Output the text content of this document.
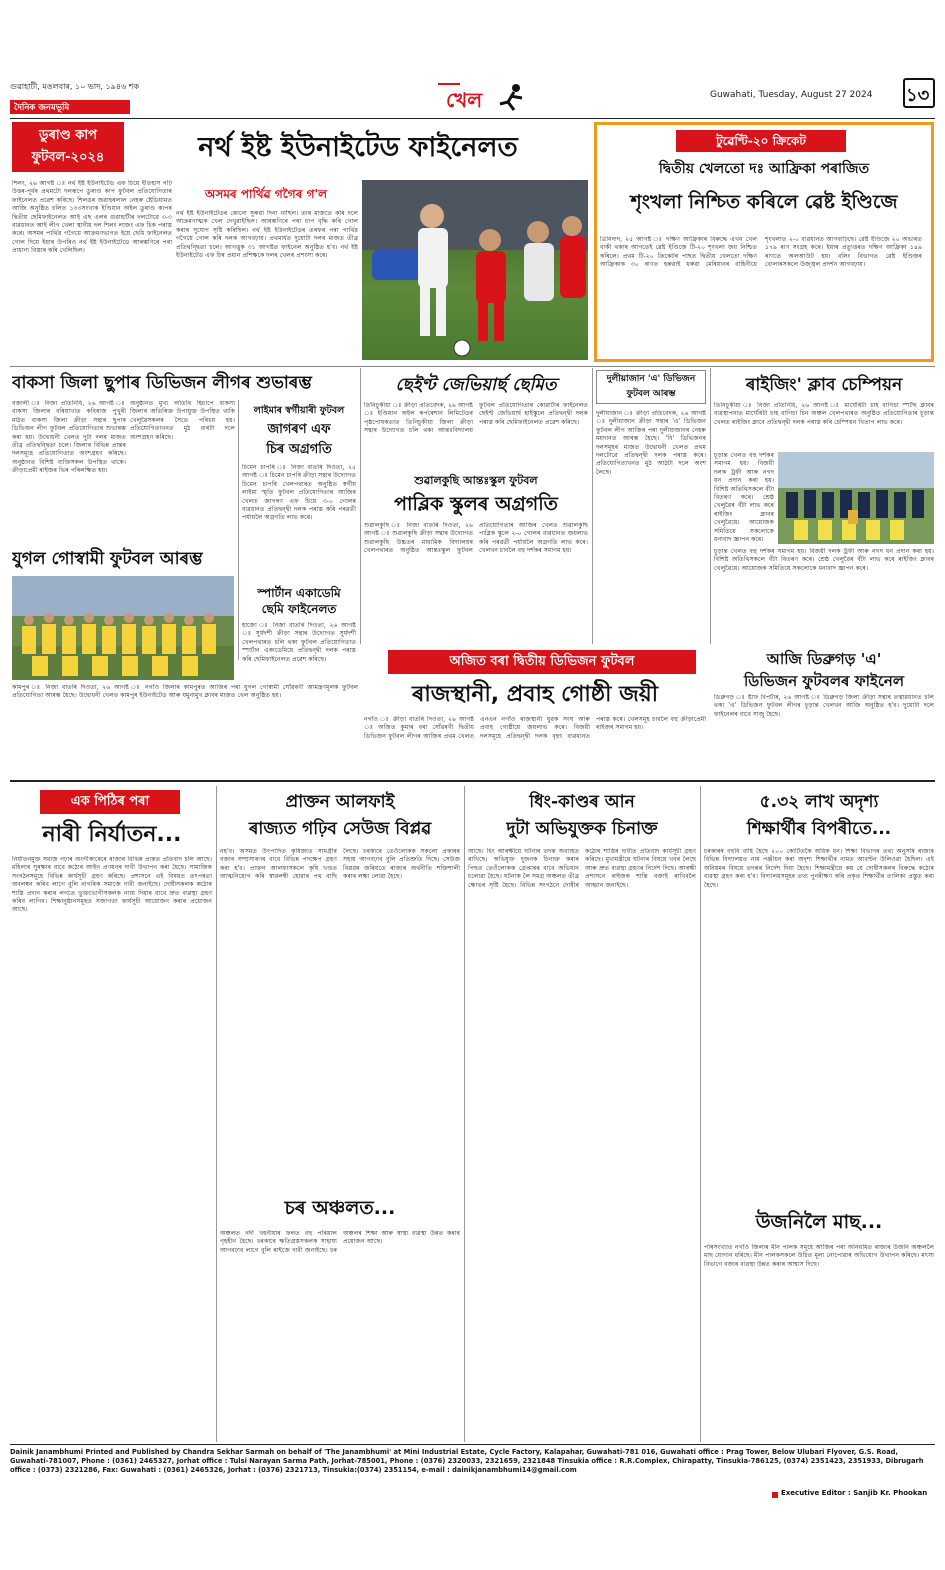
গুৱাহাটী, মঙলবাৰ, ১০ ভাদ, ১৯৪৬ শক
দৈনিক জনমভূমি	খেল	Guwahati, Tuesday, August 27 2024 ১৩
ডুৰাণ্ড কাপ ফুটবল-২০২৪	নৰ্থ ইষ্ট ইউনাইটেড ফাইনেলত
শিলং, ২৬ আগষ্ট ঃ নৰ্থ ইষ্ট ইউনাইটেড এফ চিয়ে ইতিহাস গঢ়ি উত্তৰ-পূৰ্বৰ প্ৰথমটো দলৰূপে ডুৰাণ্ড কাপ ফুটবল প্ৰতিযোগিতাৰ ফাইনেলত প্ৰৱেশ কৰিছে। শিলঙৰ জৱাহৰলাল নেহৰু ষ্টেডিয়ামত আজি অনুষ্ঠিত চলিত ১৩৩সংখ্যক ইণ্ডিয়ান অইল ডুৰাণ্ড কাপৰ দ্বিতীয় ছেমিফাইনেলত আই এছ এলৰ গুৱাহাটীৰ দলটোৱে ৩-৩ ব্যৱধানত আই লীগ খেলা স্থানীয় দল শিলং লাজং এফ চিক পৰাস্ত কৰে। অসমৰ পাৰ্থিৱ গগৈয়ে আক্ৰমণভাগত ইয়ে ছেমি ফাইনেলত গোল দিয়ে ইয়াৰ উপৰিও নৰ্থ ইষ্ট ইউনাইটেডে আৰম্ভণিৰে পৰা প্ৰাধান্য বিস্তাৰ কৰি খেলিছিল।
অসমৰ পাৰ্থিৱ গগৈৰ গ'ল
নৰ্থ ইষ্ট ইউনাইটেডৰ কোনো সুৰুৱা দিনা নাছিল। তাৰ মাজতে কৰি দলে আক্ৰমণাত্মক খেল দেখুৱাইছিল। আৰম্ভণিৰে পৰা চাপ বৃদ্ধি কৰি গোল কৰাৰ সুযোগ সৃষ্টি কৰিছিল। নৰ্থ ইষ্ট ইউনাইটেডৰ তৰফৰ পৰা পাৰ্থিৱ গগৈয়ে গোল কৰি দলক আগবঢ়ায়। প্ৰথমাৰ্ধত দুয়োটা দলৰ মাজত তীব্ৰ প্ৰতিদ্বন্দ্বিতা চলে। আগত্তুক ৩১ আগষ্টত ফাইনেল অনুষ্ঠিত হ'ব। নৰ্থ ইষ্ট ইউনাইটেড এফ চিৰ প্ৰধান প্ৰশিক্ষকে দলৰ খেলৰ প্ৰশংসা কৰে।
টুৱেণ্টি-২০ ক্ৰিকেট
দ্বিতীয় খেলতো দঃ আফ্ৰিকা পৰাজিত
শৃংখলা নিশ্চিত কৰিলে ৱেষ্ট ইণ্ডিজে
ত্ৰিনিদাদ, ২৫ আগষ্ট ঃ দক্ষিণ আফ্ৰিকাৰ বিৰুদ্ধে এখন খেল বাকী থকাৰ আগতেই ৱেষ্ট ইণ্ডিজে টি-২০ শৃংখলা জয় নিশ্চিত কৰিলে। প্ৰথম টি-২০ ক্ৰিকেটৰ পাছত দ্বিতীয় খেলতো দক্ষিণ আফ্ৰিকাক ৩০ ৰাণত হৰুৱাই ধৰুৱা মেৰিয়ানৰ বাহিনীয়ে শৃংখলাত ২-০ ব্যৱধানত আগবাঢ়িছে। ৱেষ্ট ইণ্ডিজে ২০ অভাৰত ১৭৯ ৰাণ সংগ্ৰহ কৰে। ইয়াৰ প্ৰত্যুত্তৰত দক্ষিণ আফ্ৰিকা ১৪৯ ৰাণতে অলআউট হয়। বলিং বিভাগত ৱেষ্ট ইণ্ডিজৰ বোলাৰসকলে উজ্জ্বল প্ৰদৰ্শন আগবঢ়ায়।
বাকসা জিলা ছুপাৰ ডিভিজন লীগৰ শুভাৰম্ভ
বজালী ঃ নিজা প্ৰতিনিধি, ২৬ আগষ্ট ঃ বাকসা জিলাৰ বৰিয়াখাত কবিৰাজ পুখুৰী মাঠত বাকসা জিলা ক্ৰীড়া সন্থাৰ ছুপাৰ ডিভিজন লীগ ফুটবল প্ৰতিযোগিতাৰ শুভাৰম্ভ কৰা হয়। উদ্বোধনী খেলত দুটা দলৰ মাজত তীব্ৰ প্ৰতিদ্বন্দ্বিতা চলে। জিলাৰ বিভিন্ন প্ৰান্তৰ দলসমূহে প্ৰতিযোগিতাত অংশগ্ৰহণ কৰিছে। অনুষ্ঠানত বিশিষ্ট ব্যক্তিসকল উপস্থিত থাকে। ক্ৰীড়াপ্ৰেমী ৰাইজৰ ভিৰ পৰিলক্ষিত হয়।
অনুষ্ঠানত মুখ্য অতিথি হিচাপে বাকসা জিলাৰ অতিৰিক্ত উপায়ুক্ত উপস্থিত থাকি খেলুৱৈসকলৰ সৈতে পৰিচয় হয়। প্ৰতিযোগিতাখনত মুঠ বাৰটা দলে অংশগ্ৰহণ কৰিছে।
লাইমাৰ স্বৰ্গীয়াৰী ফুটবল
জাগৰণ এফ
চিৰ অগ্ৰগতি
চিমেন চাপৰি ঃ নিজা বাতৰি দিওতা, ২৫ আগষ্ট ঃ চিমেন চাপৰি ক্ৰীড়া সন্থাৰ উদ্যোগত চিমেন চাপৰি খেলপথাৰত অনুষ্ঠিত স্বৰ্গীয় লাইমা স্মৃতি ফুটবল প্ৰতিযোগিতাৰ আজিৰ খেলত জাগৰণ এফ চিয়ে ৩-০ গোলৰ ব্যৱধানত প্ৰতিদ্বন্দ্বী দলক পৰাস্ত কৰি পৰৱৰ্তী পৰ্যায়লৈ অগ্ৰগতি লাভ কৰে।
যুগল গোস্বামী ফুটবল আৰম্ভ
কামপুৰ ঃ নিজা বাতৰি দিওতা, ২৬ আগষ্ট ঃ নগাঁও জিলাৰ কামপুৰত আজিৰ পৰা যুগল গোস্বামী সোঁৱৰণী আমন্ত্ৰণমূলক ফুটবল প্ৰতিযোগিতা আৰম্ভ হৈছে। উদ্বোধনী খেলত কামপুৰ ইউনাইটেড আৰু যমুনামুখ ক্লাবৰ মাজত খেল অনুষ্ঠিত হয়।
স্পাৰ্টান একাডেমি
ছেমি ফাইনেলত
হাজো ঃ নিজা বাতৰি দিওতা, ২৬ আগষ্ট ঃ সুৰ্যদৰ্শী ক্ৰীড়া সন্থাৰ উদ্যোগত সুৰ্যদৰ্শী খেলপথাৰত চলি থকা ফুটবল প্ৰতিযোগিতাত স্পাৰ্টান একাডেমিয়ে প্ৰতিদ্বন্দ্বী দলক পৰাস্ত কৰি ছেমিফাইনেলত প্ৰৱেশ কৰিছে।
ছেইণ্ট জেভিয়াৰ্ছ ছেমিত
তিনিচুকীয়া ঃ ক্ৰীড়া প্ৰতিবেদক, ২৬ আগষ্ট ঃ ইণ্ডিয়ান অইল কৰ্পৰেশ্যন লিমিটেডৰ পৃষ্ঠপোষকতাত তিনিচুকীয়া জিলা ক্ৰীড়া সন্থাৰ উদ্যোগত চলি থকা আন্তঃবিদ্যালয় ফুটবল প্ৰতিযোগিতাৰ কোৱাৰ্টাৰ ফাইনেলত ছেইণ্ট জেভিয়াৰ্ছ হাইস্কুলে প্ৰতিদ্বন্দ্বী দলক পৰাস্ত কৰি ছেমিফাইনেলত প্ৰৱেশ কৰিছে।
শুৱালকুছি আন্তঃস্কুল ফুটবল
পাব্লিক স্কুলৰ অগ্ৰগতি
শুৱালকুছি ঃ নিজা বাতৰি দিওতা, ২৬ আগষ্ট ঃ শুৱালকুছি ক্ৰীড়া সন্থাৰ উদ্যোগত শুৱালকুছি উচ্চতৰ মাধ্যমিক বিদ্যালয়ৰ খেলপথাৰত অনুষ্ঠিত আন্তঃস্কুল ফুটবল প্ৰতিযোগিতাৰ আজিৰ খেলত শুৱালকুছি পাব্লিক স্কুলে ২-০ গোলৰ ব্যৱধানত জয়লাভ কৰি পৰৱৰ্তী পৰ্যায়লৈ অগ্ৰগতি লাভ কৰে। খেলখন চাবলৈ বহু দৰ্শকৰ সমাগম হয়।
দুলীয়াজান 'এ' ডিভিজন ফুটবল আৰম্ভ
দুলীয়াজান ঃ ক্ৰীড়া প্ৰতিবেদক, ২৬ আগষ্ট ঃ দুলীয়াজান ক্ৰীড়া সন্থাৰ 'এ' ডিভিজন ফুটবল লীগ আজিৰ পৰা দুলীয়াজানৰ নেহৰু ময়দানত আৰম্ভ হৈছে। 'বি' ডিভিজনৰ দলসমূহৰ মাজত উদ্বোধনী খেলত প্ৰথম দলটোৱে প্ৰতিদ্বন্দ্বী দলক পৰাস্ত কৰে। প্ৰতিযোগিতাখনত মুঠ আঠটা দলে অংশ লৈছে।
ৰাইজিং' ক্লাব চেম্পিয়ন
তিনিচুকীয়া ঃ নিজা প্ৰতিনিধি, ২৬ আগষ্ট ঃ মাৰ্ঘেৰিটা চাহ বাগিচা স্পৰ্টছ ক্লাবৰ ব্যৱস্থাপনাত মাৰ্ঘেৰিটা চাহ বাগিচা চিন অঞ্চল খেলপথাৰত অনুষ্ঠিত প্ৰতিযোগিতাৰ চূড়ান্ত খেলত ৰাইজিং ক্লাবে প্ৰতিদ্বন্দ্বী দলক পৰাস্ত কৰি চেম্পিয়ন খিতাপ লাভ কৰে।
চূড়ান্ত খেলত বহু দৰ্শকৰ সমাগম হয়। বিজয়ী দলক ট্ৰফী আৰু নগদ ধন প্ৰদান কৰা হয়। বিশিষ্ট অতিথিসকলে বঁটা বিতৰণ কৰে। শ্ৰেষ্ঠ খেলুৱৈৰ বঁটা লাভ কৰে ৰাইজিং ক্লাবৰ খেলুৱৈয়ে। আয়োজক সমিতিয়ে সকলোকে ধন্যবাদ জ্ঞাপন কৰে।
চূড়ান্ত খেলত বহু দৰ্শকৰ সমাগম হয়। বিজয়ী দলক ট্ৰফী আৰু নগদ ধন প্ৰদান কৰা হয়। বিশিষ্ট অতিথিসকলে বঁটা বিতৰণ কৰে। শ্ৰেষ্ঠ খেলুৱৈৰ বঁটা লাভ কৰে ৰাইজিং ক্লাবৰ খেলুৱৈয়ে। আয়োজক সমিতিয়ে সকলোকে ধন্যবাদ জ্ঞাপন কৰে।
অজিত বৰা দ্বিতীয় ডিভিজন ফুটবল
ৰাজস্থানী, প্ৰবাহ গোষ্ঠী জয়ী
নগাঁও ঃ ক্ৰীড়া বাতৰি দিওতা, ২৬ আগষ্ট ঃ অজিত কুমাৰ বৰা সোঁৱৰণী দ্বিতীয় ডিভিজন ফুটবল লীগৰ আজিৰ প্ৰথম খেলত এনএন নগাঁও ৰাজস্থানী যুৱক সংঘ আৰু প্ৰবাহ গোষ্ঠীয়ে জয়লাভ কৰে। বিজয়ী দলসমূহে প্ৰতিদ্বন্দ্বী দলক বৃহৎ ব্যৱধানত পৰাস্ত কৰে। খেলসমূহ চাবলৈ বহু ক্ৰীড়াপ্ৰেমী ৰাইজৰ সমাগম হয়।
আজি ডিব্ৰুগড় 'এ'
ডিভিজন ফুটবলৰ ফাইনেল
ডিব্ৰুগড় ঃ ষ্টাফ বিপৰ্টাৰ, ২৬ আগষ্ট ঃ ডিব্ৰুগড় জিলা ক্ৰীড়া সন্থাৰ তত্বাৱধানত চলি থকা 'এ' ডিভিজন ফুটবল লীগৰ চূড়ান্ত খেলখন আজি অনুষ্ঠিত হ'ব। দুয়োটা দলে ফাইনেলৰ বাবে সাজু হৈছে।
এক পিঠিৰ পৰা
নাৰী নিৰ্যাতন...
নিৰ্যাতনমুক্ত সমাজ গঢ়াৰ অংগীকাৰেৰে ৰাজ্যৰ বিভিন্ন প্ৰান্তত প্ৰতিবাদ চলি আছে। মহিলাৰ সুৰক্ষাৰ বাবে কঠোৰ আইন প্ৰণয়নৰ দাবী উত্থাপন কৰা হৈছে। সামাজিক সংগঠনসমূহে বিভিন্ন কাৰ্যসূচী গ্ৰহণ কৰিছে। প্ৰশাসনে এই বিষয়ত তৎপৰতা অবলম্বন কৰিব লাগে বুলি নাগৰিক সমাজে দাবী জনাইছে। দোষীসকলক কঠোৰ শাস্তি প্ৰদান কৰাৰ লগতে ভুক্তভোগীসকলক ন্যায় দিয়াৰ বাবে দ্ৰুত ব্যৱস্থা গ্ৰহণ কৰিব লাগিব। শিক্ষানুষ্ঠানসমূহত সজাগতা কাৰ্যসূচী আয়োজন কৰাৰ প্ৰয়োজন আছে।
প্ৰাক্তন আলফাই
ৰাজ্যত গঢ়িব সেউজ বিপ্লৱ
নহ'ব। অসমত উৎপাদিত কৃষিজাত সামগ্ৰীৰ বজাৰ সম্প্ৰসাৰণৰ বাবে বিভিন্ন পদক্ষেপ গ্ৰহণ কৰা হ'ব। প্ৰাক্তন আলফাসকলে কৃষি খণ্ডত আত্মনিয়োগ কৰি স্বাৱলম্বী হোৱাৰ পথ বাছি লৈছে। চৰকাৰে তেওঁলোকক সকলো প্ৰকাৰৰ সহায় আগবঢ়াব বুলি প্ৰতিশ্ৰুতি দিছে। সেউজ বিপ্লৱৰ জৰিয়তে ৰাজ্যৰ অৰ্থনীতি শক্তিশালী কৰাৰ লক্ষ্য লোৱা হৈছে।
চৰ অঞ্চলত...
অঞ্চলত নদী খহনীয়াৰ ফলত বহু পৰিয়াল গৃহহীন হৈছে। চৰকাৰে ক্ষতিগ্ৰস্তসকলক সাহায্য আগবঢ়াব লাগে বুলি ৰাইজে দাবী জনাইছে। চৰ অঞ্চলৰ শিক্ষা আৰু স্বাস্থ্য ব্যৱস্থা উন্নত কৰাৰ প্ৰয়োজন আছে।
ধিং-কাণ্ডৰ আন
দুটা অভিযুক্তক চিনাক্ত
আছে। ধিং আৰক্ষীয়ে ঘটনাৰ তদন্ত অব্যাহত ৰাখিছে। অভিযুক্ত দুজনক চিনাক্ত কৰাৰ পিছত তেওঁলোকক গ্ৰেপ্তাৰৰ বাবে অভিযান চলোৱা হৈছে। ঘটনাক লৈ সমগ্ৰ অঞ্চলত তীব্ৰ ক্ষোভৰ সৃষ্টি হৈছে। বিভিন্ন সংগঠনে দোষীৰ কঠোৰ শাস্তিৰ দাবীত প্ৰতিবাদ কাৰ্যসূচী গ্ৰহণ কৰিছে। মুখ্যমন্ত্ৰীয়ে ঘটনাৰ বিষয়ে খবৰ লৈছে আৰু দ্ৰুত ব্যৱস্থা গ্ৰহণৰ নিৰ্দেশ দিছে। আৰক্ষী প্ৰশাসনে ৰাইজক শান্তি বজাই ৰাখিবলৈ আহ্বান জনাইছে।
৫.৩২ লাখ অদৃশ্য
শিক্ষাৰ্থীৰ বিপৰীতে...
চৰকাৰৰ বহুবি বাহি হৈছে ২০০ কোটিতকৈ অধিক ধন। শিক্ষা বিভাগৰ তথ্য অনুসৰি ৰাজ্যৰ বিভিন্ন বিদ্যালয়ত নাম পঞ্জীয়ন কৰা অদৃশ্য শিক্ষাৰ্থীৰ নামত আবণ্টন উলিওৱা হৈছিল। এই অনিয়মৰ বিষয়ে তদন্তৰ নিৰ্দেশ দিয়া হৈছে। শিক্ষামন্ত্ৰীয়ে কয় যে দোষীসকলৰ বিৰুদ্ধে কঠোৰ ব্যৱস্থা গ্ৰহণ কৰা হ'ব। বিদ্যালয়সমূহৰ তথ্য পুনৰীক্ষণ কৰি প্ৰকৃত শিক্ষাৰ্থীৰ তালিকা প্ৰস্তুত কৰা হৈছে।
উজনিলৈ মাছ...
পৰিসংখ্যাত নগাঁও জিলাৰ মীন পালক সমূহে আজিৰ পৰা অনিয়মিত ৰাজ্যৰ উজনি অঞ্চললৈ মাছ যোগান ধৰিছে। মীন পালকসকলে উচিত মূল্য নোপোৱাৰ অভিযোগ উত্থাপন কৰিছে। মৎস্য বিভাগে বজাৰ ব্যৱস্থা উন্নত কৰাৰ আশ্বাস দিছে।
Dainik Janambhumi Printed and Published by Chandra Sekhar Sarmah on behalf of 'The Janambhumi' at Mini Industrial Estate, Cycle Factory, Kalapahar, Guwahati-781 016, Guwahati office : Prag Tower, Below Ulubari Flyover, G.S. Road, Guwahati-781007, Phone : (0361) 2465327, Jorhat office : Tulsi Narayan Sarma Path, Jorhat-785001, Phone : (0376) 2320033, 2321659, 2321848 Tinsukia office : R.R.Complex, Chirapatty, Tinsukia-786125, (0374) 2351423, 2351933, Dibrugarh office : (0373) 2321286, Fax: Guwahati : (0361) 2465326, Jorhat : (0376) 2321713, Tinsukia:(0374) 2351154, e-mail : dainikjanambhumi14@gmail.com
Executive Editor : Sanjib Kr. Phookan
